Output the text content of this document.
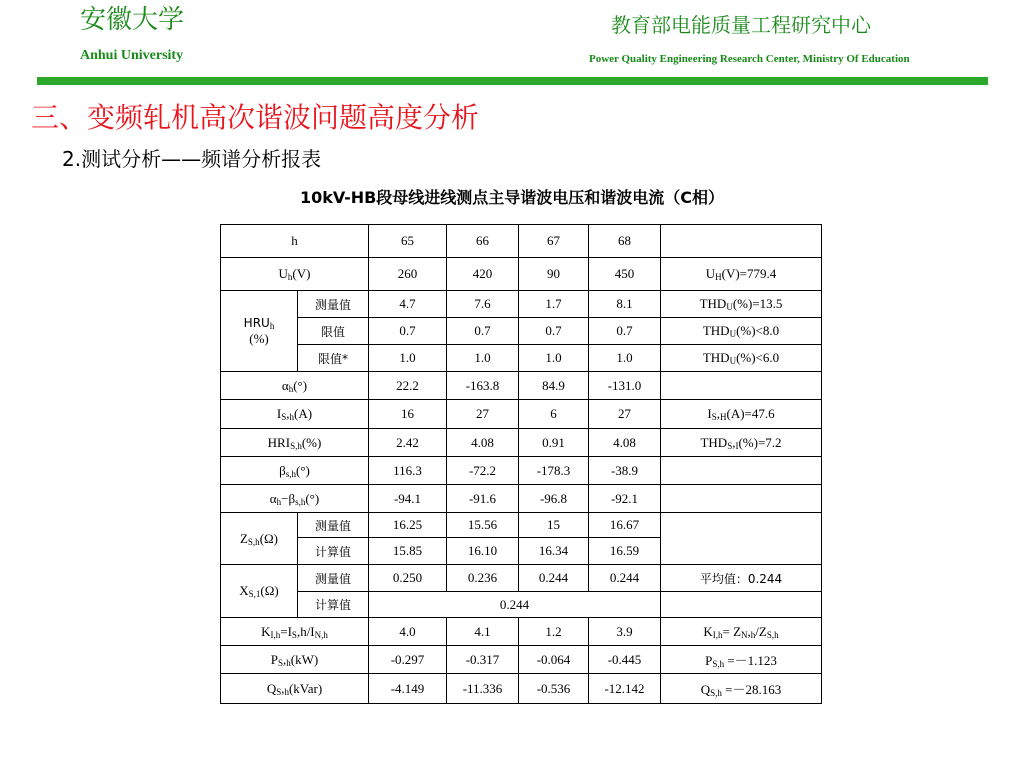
安徽大学
Anhui University
教育部电能质量工程研究中心
Power Quality Engineering Research Center, Ministry Of Education
三、变频轧机高次谐波问题高度分析
2.测试分析——频谱分析报表
10kV-HB段母线进线测点主导谐波电压和谐波电流（C相）
h		65	66	67	68	
$U_h(V)$		260	420	90	450	$U_H(V)=779.4$
$HRU_h$
(%)	测量值	4.7	7.6	1.7	8.1	$THD_U(\%)=13.5$
	限值	0.7	0.7	0.7	0.7	$THD_U(\%)<8.0$
	限值*	1.0	1.0	1.0	1.0	$THD_U(\%)<6.0$
$\alpha_h(^\circ)$		22.2	-163.8	84.9	-131.0	
$I_S,_h(A)$		16	27	6	27	$I_S,_H(A)=47.6$
$HRI_{S,h}(\%)$		2.42	4.08	0.91	4.08	$THD_S,_I(\%)=7.2$
$\beta_{s,h}(^\circ)$		116.3	-72.2	-178.3	-38.9	
$\alpha_h-\beta_{s,h}(^\circ)$		-94.1	-91.6	-96.8	-92.1	
$Z_{S,h}(\Omega)$	测量值	16.25	15.56	15	16.67	
	计算值	15.85	16.10	16.34	16.59	
$X_{S,1}(\Omega)$	测量值	0.250	0.236	0.244	0.244	平均值：0.244
	计算值	0.244				
$K_{I,h}=I_S,h/I_{N,h}$		4.0	4.1	1.2	3.9	$K_{I,h}= Z_N,_h/Z_{S,h}$
$P_S,_h(kW)$		-0.297	-0.317	-0.064	-0.445	$P_{S,h} =-1.123$
$Q_S,_h(kVar)$		-4.149	-11.336	-0.536	-12.142	$Q_{S,h} =-28.163$
